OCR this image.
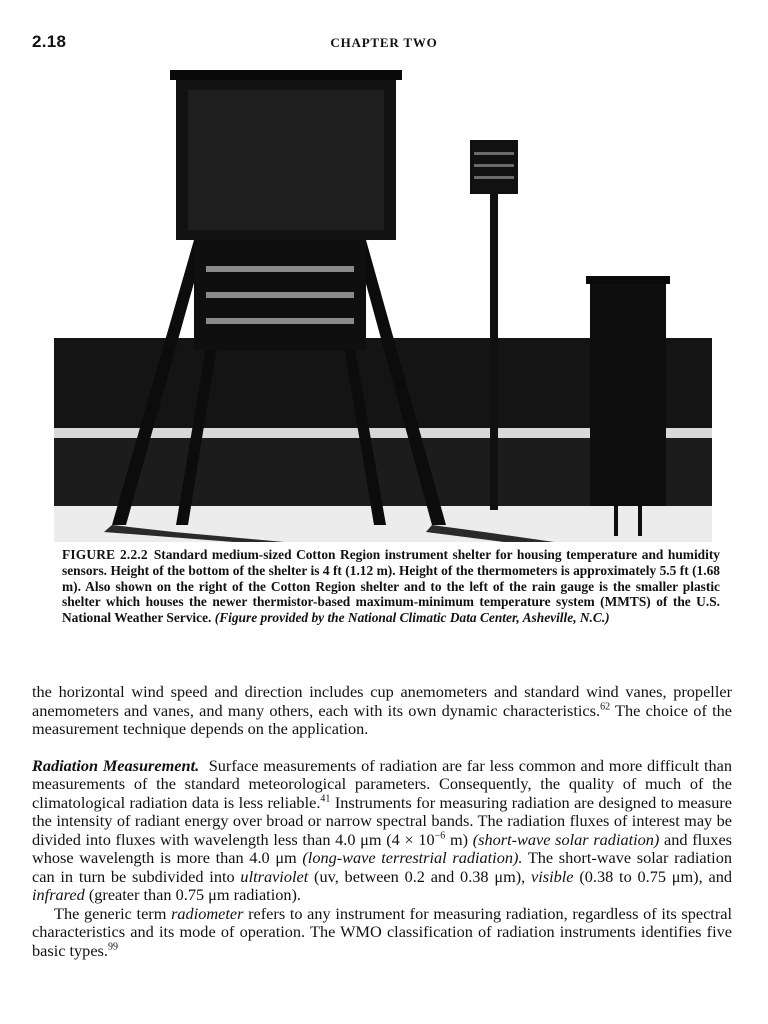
2.18	CHAPTER TWO
FIGURE 2.2.2 Standard medium-sized Cotton Region instrument shelter for housing temperature and humidity sensors. Height of the bottom of the shelter is 4 ft (1.12 m). Height of the thermometers is approximately 5.5 ft (1.68 m). Also shown on the right of the Cotton Region shelter and to the left of the rain gauge is the smaller plastic shelter which houses the newer thermistor-based maximum-minimum temperature system (MMTS) of the U.S. National Weather Service. (Figure provided by the National Climatic Data Center, Asheville, N.C.)

the horizontal wind speed and direction includes cup anemometers and standard wind vanes, propeller anemometers and vanes, and many others, each with its own dynamic characteristics.$^{62}$ The choice of the measurement technique depends on the application.

Radiation Measurement. Surface measurements of radiation are far less common and more difficult than measurements of the standard meteorological parameters. Consequently, the quality of much of the climatological radiation data is less reliable.$^{41}$ Instruments for measuring radiation are designed to measure the intensity of radiant energy over broad or narrow spectral bands. The radiation fluxes of interest may be divided into fluxes with wavelength less than 4.0 μm ($4 \times 10^{-6}$ m) (short-wave solar radiation) and fluxes whose wavelength is more than 4.0 μm (long-wave terrestrial radiation). The short-wave solar radiation can in turn be subdivided into ultraviolet (uv, between 0.2 and 0.38 μm), visible (0.38 to 0.75 μm), and infrared (greater than 0.75 μm radiation).

The generic term radiometer refers to any instrument for measuring radiation, regardless of its spectral characteristics and its mode of operation. The WMO classification of radiation instruments identifies five basic types.$^{99}$
